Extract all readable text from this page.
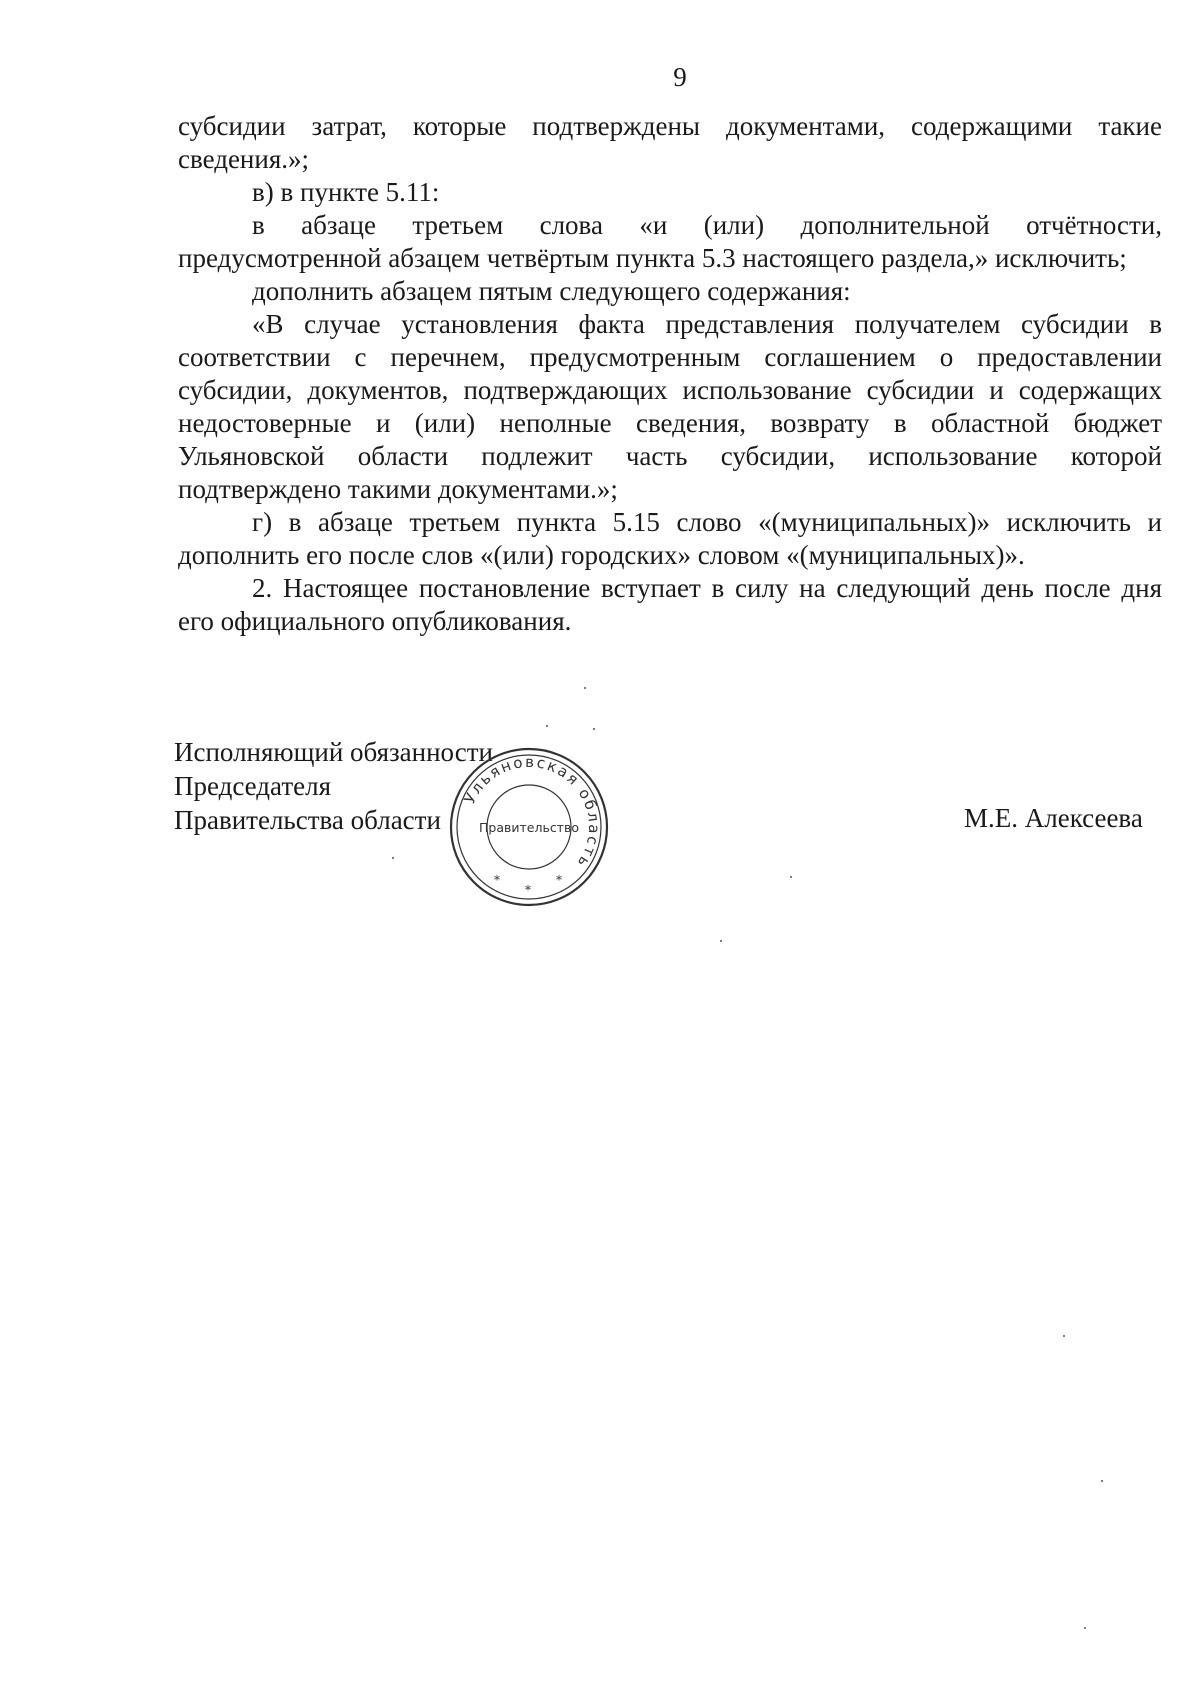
9

субсидии затрат, которые подтверждены документами, содержащими такие сведения.»;

в) в пункте 5.11:

в абзаце третьем слова «и (или) дополнительной отчётности, предусмотренной абзацем четвёртым пункта 5.3 настоящего раздела,» исключить;

дополнить абзацем пятым следующего содержания:

«В случае установления факта представления получателем субсидии в соответствии с перечнем, предусмотренным соглашением о предоставлении субсидии, документов, подтверждающих использование субсидии и содержащих недостоверные и (или) неполные сведения, возврату в областной бюджет Ульяновской области подлежит часть субсидии, использование которой подтверждено такими документами.»;

г) в абзаце третьем пункта 5.15 слово «(муниципальных)» исключить и дополнить его после слов «(или) городских» словом «(муниципальных)».

2. Настоящее постановление вступает в силу на следующий день после дня его официального опубликования.

Исполняющий обязанности
Председателя
Правительства области	М.Е. Алексеева
Ульяновская область
Правительство
*
*
*
